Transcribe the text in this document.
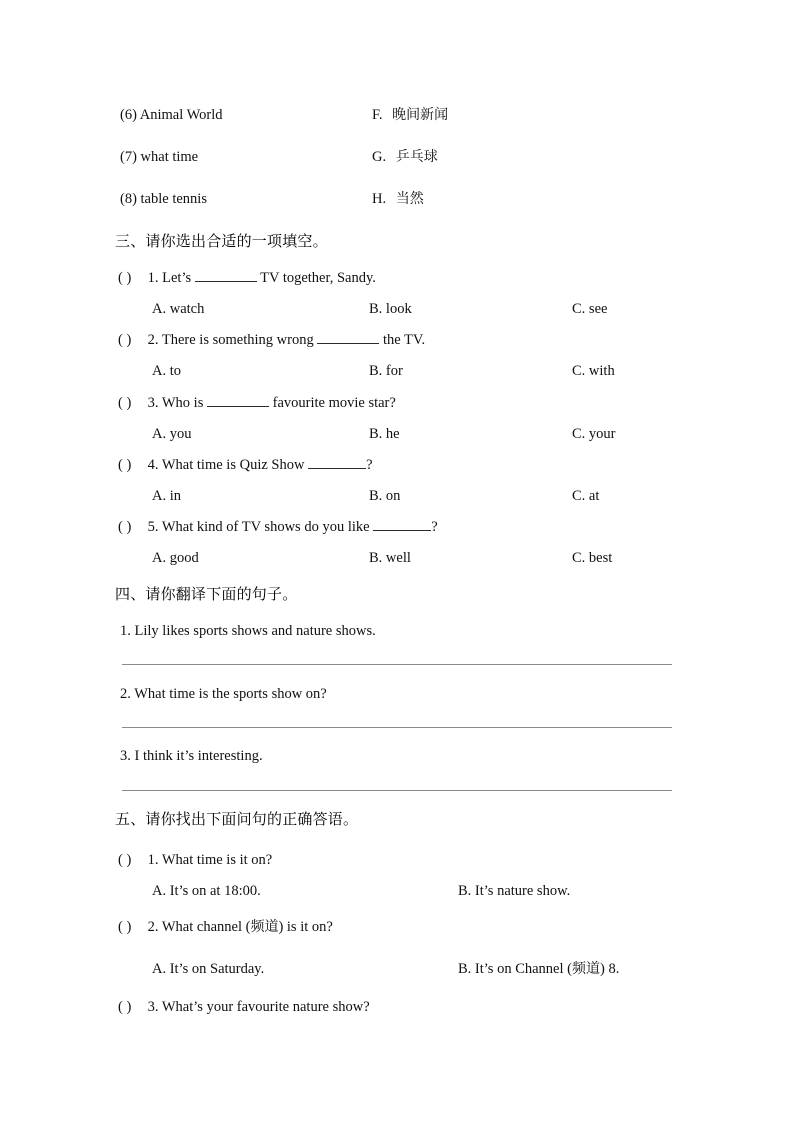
(6) Animal World	F. 晚间新闻
(7) what time	G. 乒乓球
(8) table tennis	H. 当然
三、请你选出合适的一项填空。
( ) 1. Let’s	TV together, Sandy.
A. watch	B. look	C. see
( ) 2. There is something wrong	the TV.
A. to	B. for	C. with
( ) 3. Who is	favourite movie star?
A. you	B. he	C. your
( ) 4. What time is Quiz Show	?
A. in	B. on	C. at
( ) 5. What kind of TV shows do you like	?
A. good	B. well	C. best
四、请你翻译下面的句子。
1. Lily likes sports shows and nature shows.
2. What time is the sports show on?
3. I think it’s interesting.
五、请你找出下面问句的正确答语。
( ) 1. What time is it on?
A. It’s on at 18:00.	B. It’s nature show.
( ) 2. What channel (频道) is it on?
A. It’s on Saturday.	B. It’s on Channel (频道) 8.
( ) 3. What’s your favourite nature show?
